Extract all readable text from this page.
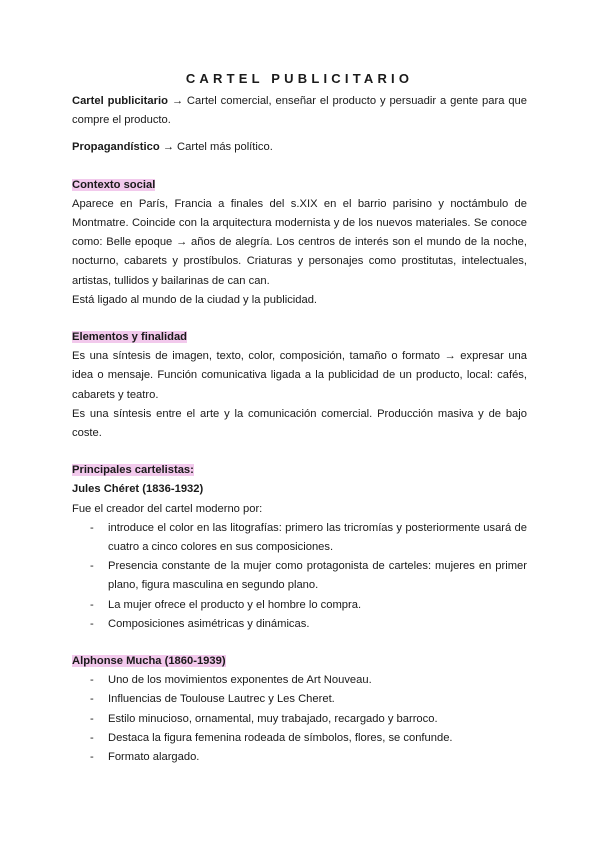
CARTEL PUBLICITARIO

Cartel publicitario → Cartel comercial, enseñar el producto y persuadir a gente para que compre el producto.

Propagandístico → Cartel más político.

Contexto social

Aparece en París, Francia a finales del s.XIX en el barrio parisino y noctámbulo de Montmatre. Coincide con la arquitectura modernista y de los nuevos materiales. Se conoce como: Belle epoque → años de alegría. Los centros de interés son el mundo de la noche, nocturno, cabarets y prostíbulos. Criaturas y personajes como prostitutas, intelectuales, artistas, tullidos y bailarinas de can can.

Está ligado al mundo de la ciudad y la publicidad.

Elementos y finalidad

Es una síntesis de imagen, texto, color, composición, tamaño o formato → expresar una idea o mensaje. Función comunicativa ligada a la publicidad de un producto, local: cafés, cabarets y teatro.

Es una síntesis entre el arte y la comunicación comercial. Producción masiva y de bajo coste.

Principales cartelistas:

Jules Chéret (1836-1932)

Fue el creador del cartel moderno por:

- introduce el color en las litografías: primero las tricromías y posteriormente usará de cuatro a cinco colores en sus composiciones.
- Presencia constante de la mujer como protagonista de carteles: mujeres en primer plano, figura masculina en segundo plano.
- La mujer ofrece el producto y el hombre lo compra.
- Composiciones asimétricas y dinámicas.

Alphonse Mucha (1860-1939)

- Uno de los movimientos exponentes de Art Nouveau.
- Influencias de Toulouse Lautrec y Les Cheret.
- Estilo minucioso, ornamental, muy trabajado, recargado y barroco.
- Destaca la figura femenina rodeada de símbolos, flores, se confunde.
- Formato alargado.
